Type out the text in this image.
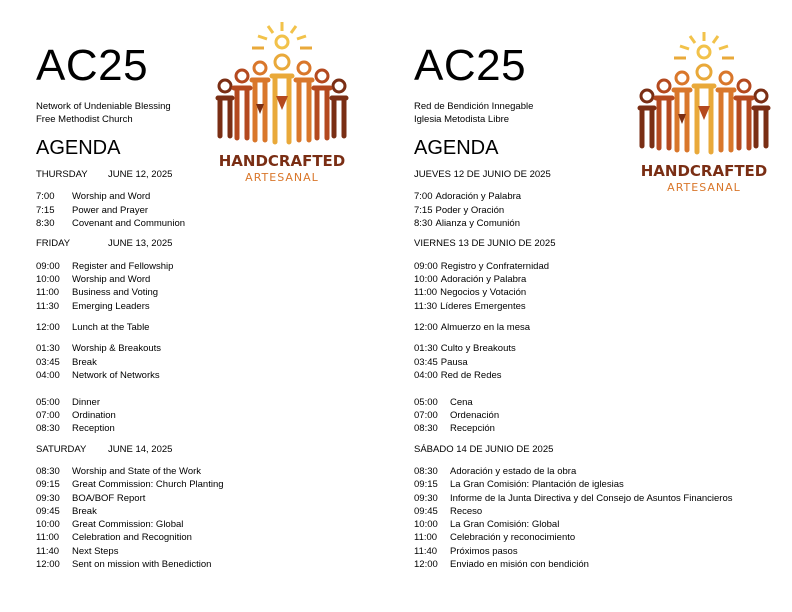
AC25
Network of Undeniable Blessing
Free Methodist Church
AGENDA
HANDCRAFTED
ARTESANAL
THURSDAY JUNE 12, 2025
7:00 Worship and Word
7:15 Power and Prayer
8:30 Covenant and Communion
FRIDAY	JUNE 13, 2025
09:00 Register and Fellowship
10:00 Worship and Word
11:00 Business and Voting
11:30 Emerging Leaders
12:00 Lunch at the Table
01:30 Worship & Breakouts
03:45 Break
04:00 Network of Networks
05:00 Dinner
07:00 Ordination
08:30 Reception
SATURDAY JUNE 14, 2025
08:30 Worship and State of the Work
09:15 Great Commission: Church Planting
09:30 BOA/BOF Report
09:45 Break
10:00 Great Commission: Global
11:00 Celebration and Recognition
11:40 Next Steps
12:00 Sent on mission with Benediction
AC25
Red de Bendición Innegable
Iglesia Metodista Libre
AGENDA
HANDCRAFTED
ARTESANAL
JUEVES 12 DE JUNIO DE 2025
7:00 Adoración y Palabra
7:15 Poder y Oración
8:30 Alianza y Comunión
VIERNES 13 DE JUNIO DE 2025
09:00 Registro y Confraternidad
10:00 Adoración y Palabra
11:00 Negocios y Votación
11:30 Líderes Emergentes
12:00 Almuerzo en la mesa
01:30 Culto y Breakouts
03:45 Pausa
04:00 Red de Redes
05:00 Cena
07:00 Ordenación
08:30 Recepción
SÁBADO 14 DE JUNIO DE 2025
08:30 Adoración y estado de la obra
09:15 La Gran Comisión: Plantación de iglesias
09:30 Informe de la Junta Directiva y del Consejo de Asuntos Financieros
09:45 Receso
10:00 La Gran Comisión: Global
11:00 Celebración y reconocimiento
11:40 Próximos pasos
12:00 Enviado en misión con bendición
